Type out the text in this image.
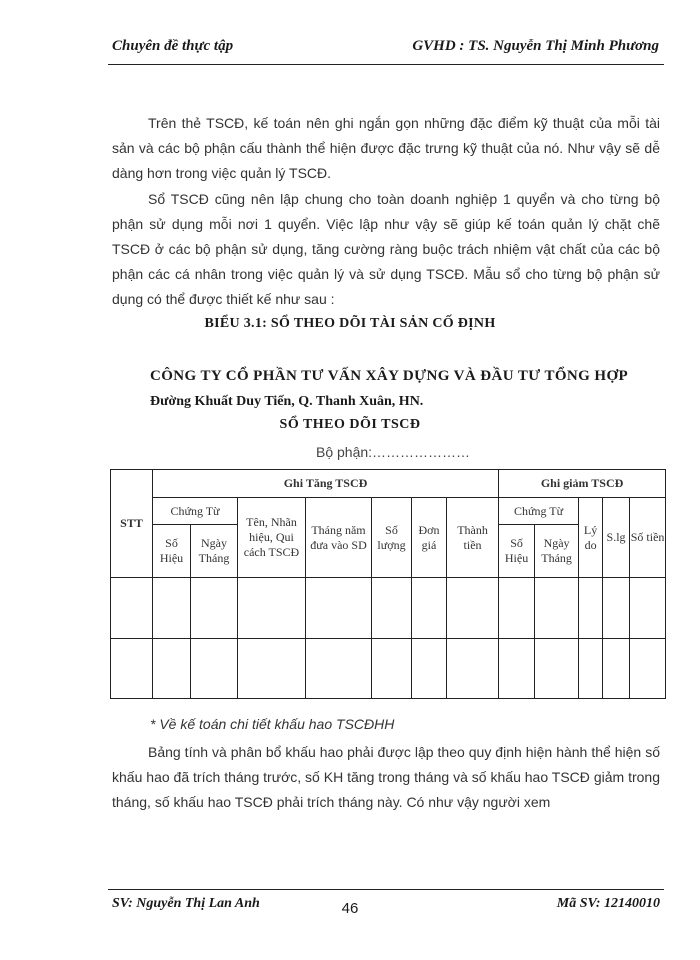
Chuyên đề thực tập	GVHD : TS. Nguyễn Thị Minh Phương
Trên thẻ TSCĐ, kế toán nên ghi ngắn gọn những đặc điểm kỹ thuật của mỗi tài sản và các bộ phận cấu thành thể hiện được đặc trưng kỹ thuật của nó. Như vậy sẽ dễ dàng hơn trong việc quản lý TSCĐ.
Sổ TSCĐ cũng nên lập chung cho toàn doanh nghiệp 1 quyển và cho từng bộ phận sử dụng mỗi nơi 1 quyển. Việc lập như vậy sẽ giúp kế toán quản lý chặt chẽ TSCĐ ở các bộ phận sử dụng, tăng cường ràng buộc trách nhiệm vật chất của các bộ phận các cá nhân trong việc quản lý và sử dụng TSCĐ. Mẫu sổ cho từng bộ phận sử dụng có thể được thiết kế như sau :
BIỂU 3.1: SỔ THEO DÕI TÀI SẢN CỐ ĐỊNH
CÔNG TY CỔ PHẦN TƯ VẤN XÂY DỰNG VÀ ĐẦU TƯ TỔNG HỢP
Đường Khuất Duy Tiến, Q. Thanh Xuân, HN.
SỔ THEO DÕI TSCĐ
Bộ phận:…………………
STT	Ghi Tăng TSCĐ							Ghi giảm TSCĐ				
	Chứng Từ		Tên, Nhãn hiệu, Qui cách TSCĐ	Tháng năm đưa vào SD	Số lượng	Đơn giá	Thành tiền	Chứng Từ		Lý do	S.lg	Số tiền
	Số Hiệu	Ngày Tháng						Số Hiệu	Ngày Tháng			

* Về kế toán chi tiết khấu hao TSCĐHH
Bảng tính và phân bổ khấu hao phải được lập theo quy định hiện hành thể hiện số khấu hao đã trích tháng trước, số KH tăng trong tháng và số khấu hao TSCĐ giảm trong tháng, số khấu hao TSCĐ phải trích tháng này. Có như vậy người xem
SV: Nguyễn Thị Lan Anh	46	Mã SV: 12140010
